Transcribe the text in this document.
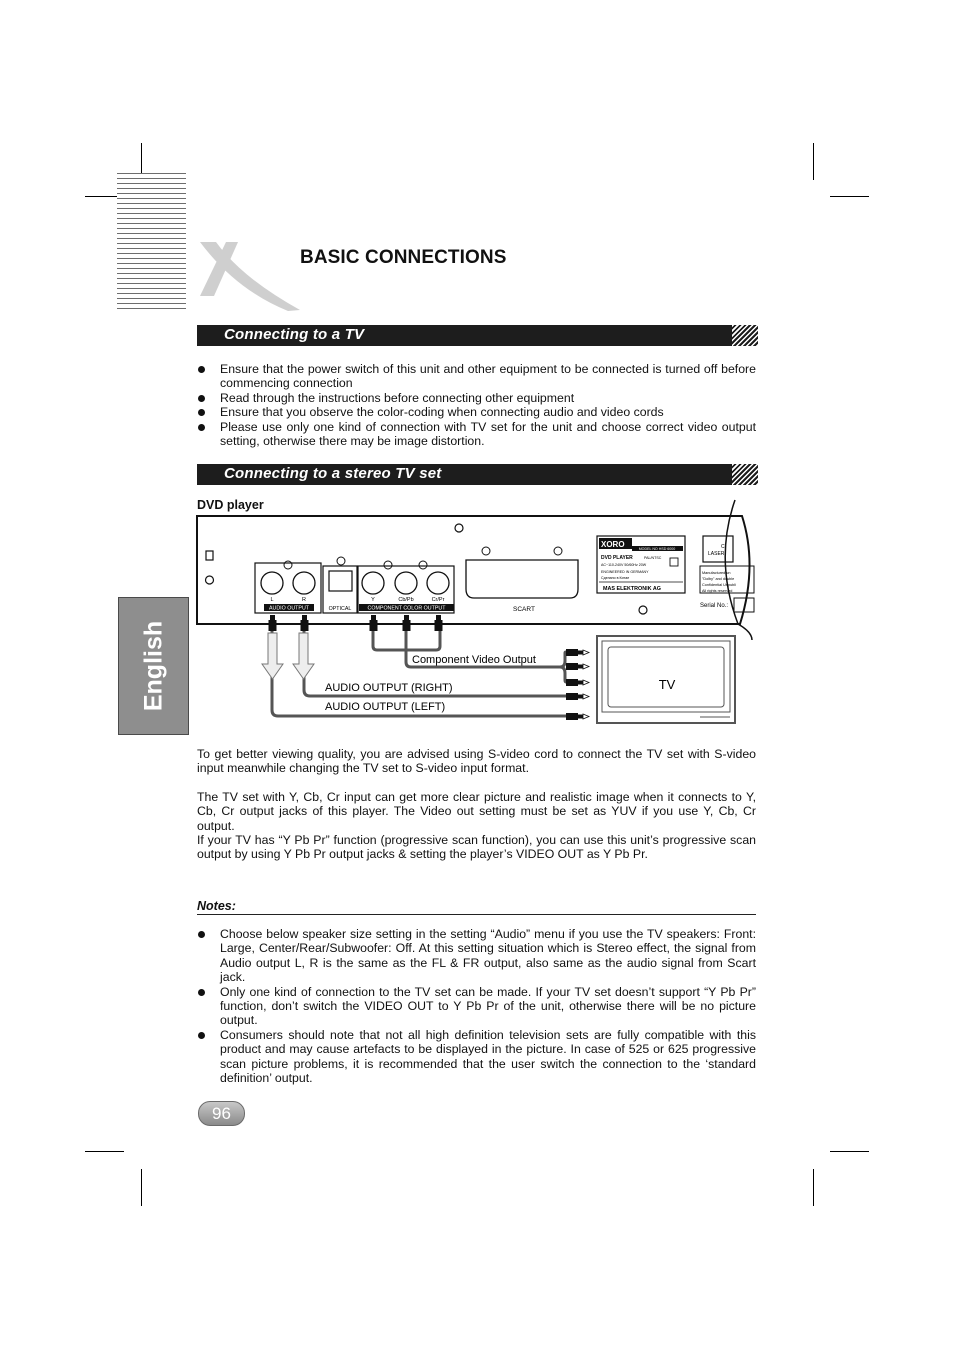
BASIC CONNECTIONS
Connecting to a TV
Ensure that the power switch of this unit and other equipment to be connected is turned off before commencing connection
Read through the instructions before connecting other equipment
Ensure that you observe the color-coding when connecting audio and video cords
Please use only one kind of connection with TV set for the unit and choose correct video output setting, otherwise there may be image distortion.
Connecting to a stereo TV set
DVD player
English
L	R
AUDIO OUTPUT	OPTICAL
Y	Cb/Pb	Cr/Pr
COMPONENT COLOR OUTPUT	SCART
XORO	MODEL NO HSD 6000
DVD PLAYER	PAL/NTSC
AC~110-240V 50/60Hz 20W
ENGINEERED IN GERMANY
Сделано в Китае
MAS ELEKTRONIK AG
C
LASER
Manufactured un
"Dolby" and double
Confidential Unpubli
All rights reserved
Serial No.:
Component Video Output
AUDIO OUTPUT (RIGHT)
AUDIO OUTPUT (LEFT)
TV

To get better viewing quality, you are advised using S-video cord to connect the TV set with S-video input meanwhile changing the TV set to S-video input format.

The TV set with Y, Cb, Cr input can get more clear picture and realistic image when it connects to Y, Cb, Cr output jacks of this player. The Video out setting must be set as YUV if you use Y, Cb, Cr output.

If your TV has “Y Pb Pr” function (progressive scan function), you can use this unit’s progressive scan output by using Y Pb Pr output jacks & setting the player’s VIDEO OUT as Y Pb Pr.

Notes:
Choose below speaker size setting in the setting “Audio” menu if you use the TV speakers: Front: Large, Center/Rear/Subwoofer: Off. At this setting situation which is Stereo effect, the signal from Audio output L, R is the same as the FL & FR output, also same as the audio signal from Scart jack.
Only one kind of connection to the TV set can be made. If your TV set doesn’t support “Y Pb Pr” function, don’t switch the VIDEO OUT to Y Pb Pr of the unit, otherwise there will be no picture output.
Consumers should note that not all high definition television sets are fully compatible with this product and may cause artefacts to be displayed in the picture. In case of 525 or 625 progressive scan picture problems, it is recommended that the user switch the connection to the ‘standard definition’ output.
96
